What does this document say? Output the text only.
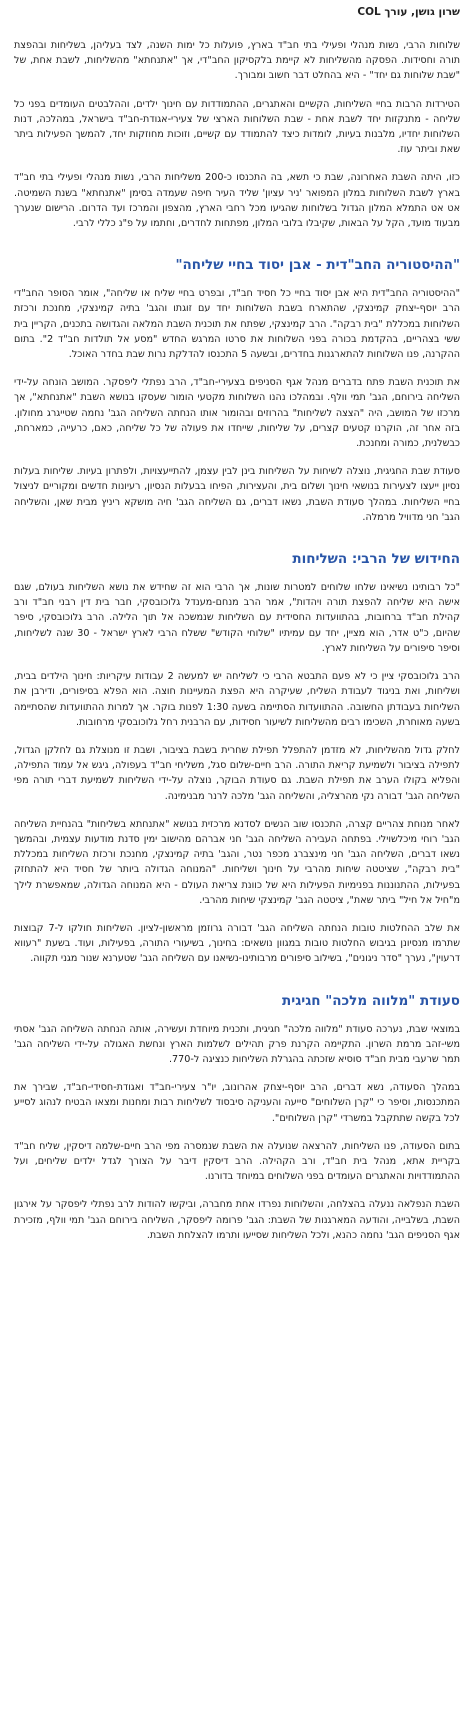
שרון גושן, עורך COL
שלוחות הרבי, נשות מנהלי ופעילי בתי חב"ד בארץ, פועלות כל ימות השנה, לצד בעליהן, בשליחות ובהפצת תורה וחסידות. הפסקה מהשליחות לא קיימת בלקסיקון החב"די, אך "אתנחתא" מהשליחות, לשבת אחת, של "שבת שלוחות גם יחד" - היא בהחלט דבר חשוב ומבורך.
הטירדות הרבות בחיי השליחות, הקשיים והאתגרים, ההתמודדות עם חינוך ילדים, וההלבטים העומדים בפני כל שליחה - מתנקזות יחד לשבת אחת - שבת השלוחות הארצי של צעירי-אגודת-חב"ד בישראל, במהלכה, דנות השלוחות יחדיו, מלבנות בעיות, לומדות כיצד להתמודד עם קשיים, וזוכות מחוזקות יחד, להמשך הפעילות ביתר שאת וביתר עוז.
כזו, היתה השבת האחרונה, שבת כי תשא, בה התכנסו כ-200 משליחות הרבי, נשות מנהלי ופעילי בתי חב"ד בארץ לשבת השלוחות במלון המפואר 'ניר עציון' שליד העיר חיפה שעמדה בסימן "אתנחתא" בשנת השמיטה. אט אט התמלא המלון הגדול בשלוחות שהגיעו מכל רחבי הארץ, מהצפון והמרכז ועד הדרום. הרישום שנערך מבעוד מועד, הקל על הבאות, שקיבלו בלובי המלון, מפתחות לחדרים, וחתמו על פ"נ כללי לרבי.
"ההיסטוריה החב"דית - אבן יסוד בחיי שליחה"
"ההיסטוריה החב"דית היא אבן יסוד בחיי כל חסיד חב"ד, ובפרט בחיי שליח או שליחה", אומר הסופר החב"די הרב יוסף-יצחק קמינצקי, שהתארח בשבת השלוחות יחד עם זוגתו והגב' בתיה קמינצקי, מחנכת ורכזת השלוחות במכללת "בית רבקה". הרב קמינצקי, שפתח את תוכנית השבת המלאה והגדושה בתכנים, הקריין בית ששי בצהריים, בהקדמת בכורה בפני השלוחות את סרטו המרגש החדש "מסע אל תולדות חב"ד 2". בתום ההקרנה, פנו השלוחות להתארגנות בחדרים, ובשעה 5 התכנסו להדלקת נרות שבת בחדר האוכל.
את תוכנית השבת פתח בדברים מנהל אגף הסניפים בצעירי-חב"ד, הרב נפתלי ליפסקר. המושב הונחה על-ידי השליחה בירוחם, הגב' תמי וולף. ובמהלכו נהנו השלוחות מקטעי הומור שעסקו בנושא השבת "אתנחתא", אך מרכזו של המושב, היה "הצצה לשליחות" בהרוזים ובהומור אותו הנחתה השליחה הגב' נחמה שטייגרג מחולון. בזה אחר זה, הוקרנו קטעים קצרים, על שליחות, שייחדו את פעולה של כל שליחה, כאם, כרעייה, כמארחת, כבשלנית, כמורה ומחנכת.
סעודת שבת החגיגית, נוצלה לשיחות על השליחות בינן לבין עצמן, להתייעצויות, ולפתרון בעיות. שליחות בעלות נסיון ייעצו לצעירות בנושאי חינוך ושלום בית, והעצירות, הפיחו בבעלות הנסיון, רעיונות חדשים ומקוריים לניצול בחיי השליחות. במהלך סעודת השבת, נשאו דברים, גם השליחה הגב' חיה מושקא ריניץ מבית שאן, והשליחה הגב' חני מדוויל מרמלה.
החידוש של הרבי: השליחות
"כל רבותינו נשיאינו שלחו שלוחים למטרות שונות, אך הרבי הוא זה שחידש את נושא השליחות בעולם, שגם אישה היא שליחה להפצת תורה ויהדות", אמר הרב מנחם-מענדל גלוכובסקי, חבר בית דין רבני חב"ד ורב קהילת חב"ד ברחובות, בהתוועדות החסידית עם השליחות שנמשכה אל תוך הלילה. הרב גלוכובסקי, סיפר שהיום, כ"ט אדר, הוא מציין, יחד עם עמיתיו "שלוחי הקודש" ששלח הרבי לארץ ישראל - 30 שנה לשליחות, וסיפר סיפורים על השליחות לארץ.
הרב גלוכובסקי ציין כי לא פעם התבטא הרבי כי לשליחה יש למעשה 2 עבודות עיקריות: חינוך הילדים בבית, ושליחות, ואת בניגוד לעבודת השליח, שעיקרה היא הפצת המעיינות חוצה. הוא הפלא בסיפורים, ודירבן את השליחות בעבודתן החשובה. ההתוועדות הסתיימה בשעה 1:30 לפנות בוקר. אך למרות ההתוועדות שהסתיימה בשעה מאוחרת, השכימו רבים מהשליחות לשיעור חסידות, עם הרבנית רחל גלוכובסקי מרחובות.
לחלק גדול מהשליחות, לא מזדמן להתפלל תפילת שחרית בשבת בציבור, ושבת זו מנוצלת גם לחלקן הגדול, לתפילה בציבור ולשמיעת קריאת התורה. הרב חיים-שלום סגל, משליחי חב"ד בעפולה, גיגש אל עמוד התפילה, והפליא בקולו הערב את תפילת השבת. גם סעודת הבוקר, נוצלה על-ידי השליחות לשמיעת דברי תורה מפי השליחה הגב' דבורה נקי מהרצליה, והשליחה הגב' מלכה לרנר מבנימינה.
לאחר מנוחת צהריים קצרה, התכנסו שוב הנשים לסדנא מרכזית בנושא "אתנחתא בשליחות" בהנחיית השליחה הגב' רוחי מיכלשוילי. בפתחה העבירה השליחה הגב' חני אברהם מהישוב ימין סדנת מודעות עצמית, ובהמשך נשאו דברים, השליחה הגב' חני מינצברג מכפר נטר, והגב' בתיה קמינצקי, מחנכת ורכזת השליחות במכללת "בית רבקה", שציטטה שיחות מהרבי על חינוך ושליחות. "המנוחה הגדולה ביותר של חסיד היא להתחזק בפעילות, ההתנוננות בפנימיות הפעילות היא של כוונת צריאת העולם - היא המנוחה הגדולה, שמאפשרת לילך מ"חיל אל חיל" ביתר שאת", ציטטה הגב' קמינצקי שיחות מהרבי.
את שלב ההחלטות טובות הנחתה השליחה הגב' דבורה גרוזמן מראשון-לציון. השליחות חולקו ל-7 קבוצות שתרמו מנסיונן בגיבוש החלטות טובות במגוון נושאים: בחינוך, בשיעורי התורה, בפעילות, ועוד. בשעת "רעווא דרעוין", נערך "סדר ניגונים", בשילוב סיפורים מרבותינו-נשיאנו עם השליחה הגב' שטערנא שנור מגני תקווה.
סעודת "מלווה מלכה" חגיגית
במוצאי שבת, נערכה סעודת "מלווה מלכה" חגיגית, ותכנית מיוחדת ועשירה, אותה הנחתה השליחה הגב' אסתי משי-זהב מרמת השרון. התקיימה הקרנת פרק תהילים לשלמות הארץ ונחשת האגולה על-ידי השליחה הגב' תמר שרעבי מבית חב"ד סוסיא שזכתה בהגרלת השליחות כנציגה ל-770.
במהלך הסעודה, נשא דברים, הרב יוסף-יצחק אהרונוב, יו"ר צעירי-חב"ד ואגודת-חסידי-חב"ד, שבירך את המתכנסות, וסיפר כי "קרן השלוחים" סייעה והעניקה סיבסוד לשליחות רבות ומחנות ומצאו הבטיח לנהוג לסייע לכל בקשה שתתקבל במשרדי "קרן השלוחים".
בתום הסעודה, פנו השליחות, להרצאה שנועלה את השבת שנמסרה מפי הרב חיים-שלמה דיסקין, שליח חב"ד בקריית אתא, מנהל בית חב"ד, ורב הקהילה. הרב דיסקין דיבר על הצורך לגדל ילדים שליחים, ועל ההתמודדויות והאתגרים העומדים בפני השלוחים במיוחד בדורנו.
השבת הנפלאה ננעלה בהצלחה, והשלוחות נפרדו אחת מחברה, וביקשו להודות לרב נפתלי ליפסקר על אירגון השבת, בשלבייה, והודעה המארגנות של השבת: הגב' פרומה ליפסקר, השליחה בירוחם הגב' תמי וולף, מזכירת אגף הסניפים הגב' נחמה כהנא, ולכל השליחות שסייעו ותרמו להצלחת השבת.
